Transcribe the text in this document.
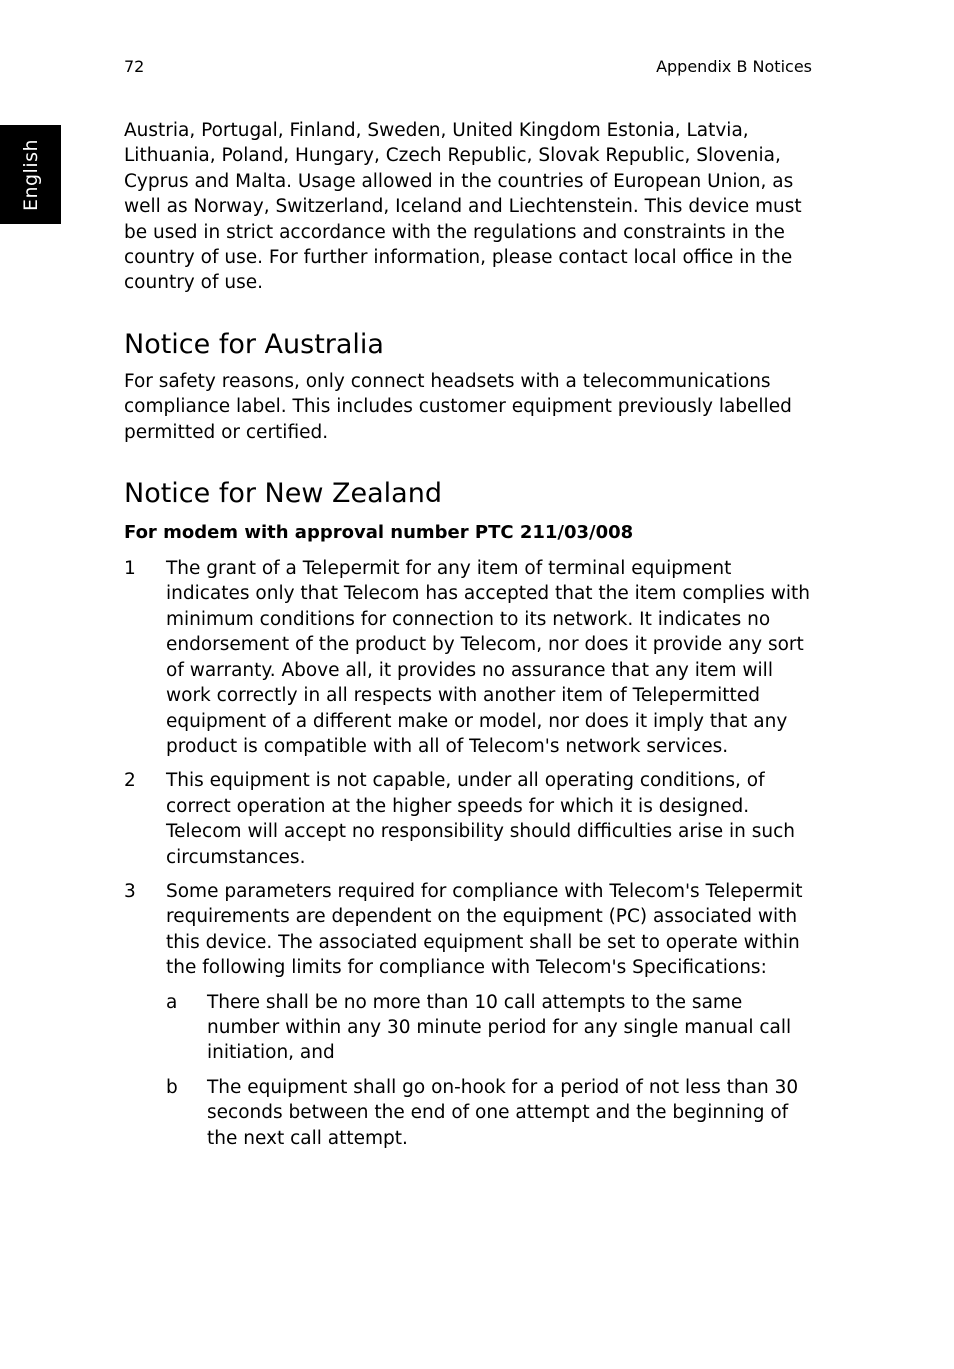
72	Appendix B Notices
English

Austria, Portugal, Finland, Sweden, United Kingdom Estonia, Latvia, Lithuania, Poland, Hungary, Czech Republic, Slovak Republic, Slovenia, Cyprus and Malta. Usage allowed in the countries of European Union, as well as Norway, Switzerland, Iceland and Liechtenstein. This device must be used in strict accordance with the regulations and constraints in the country of use. For further information, please contact local office in the country of use.

Notice for Australia

For safety reasons, only connect headsets with a telecommunications compliance label. This includes customer equipment previously labelled permitted or certified.

Notice for New Zealand

For modem with approval number PTC 211/03/008

1 The grant of a Telepermit for any item of terminal equipment indicates only that Telecom has accepted that the item complies with minimum conditions for connection to its network. It indicates no endorsement of the product by Telecom, nor does it provide any sort of warranty. Above all, it provides no assurance that any item will work correctly in all respects with another item of Telepermitted equipment of a different make or model, nor does it imply that any product is compatible with all of Telecom's network services.

2 This equipment is not capable, under all operating conditions, of correct operation at the higher speeds for which it is designed. Telecom will accept no responsibility should difficulties arise in such circumstances.

3 Some parameters required for compliance with Telecom's Telepermit requirements are dependent on the equipment (PC) associated with this device. The associated equipment shall be set to operate within the following limits for compliance with Telecom's Specifications:

a There shall be no more than 10 call attempts to the same number within any 30 minute period for any single manual call initiation, and

b The equipment shall go on-hook for a period of not less than 30 seconds between the end of one attempt and the beginning of the next call attempt.
